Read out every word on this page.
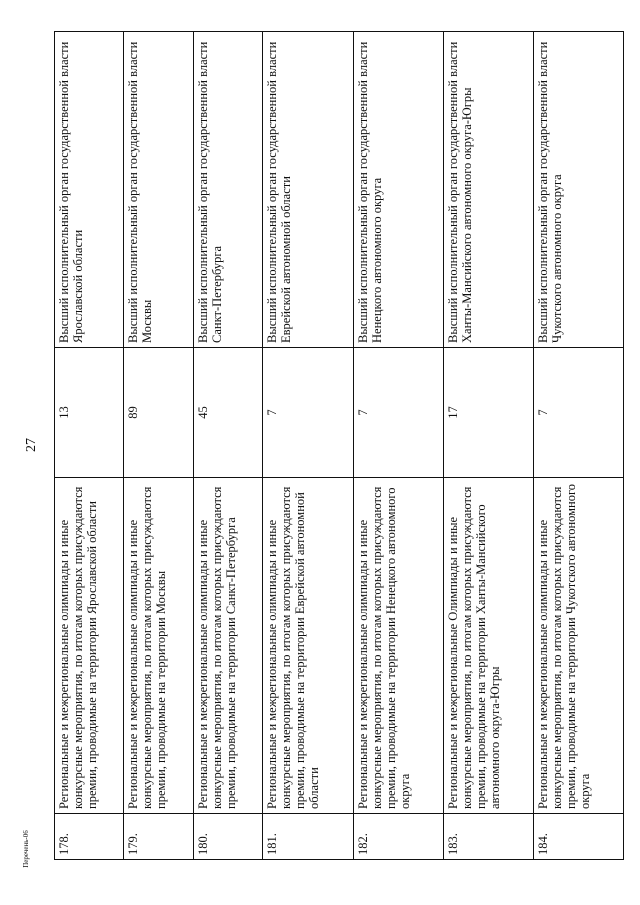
27
178.	Региональные и межрегиональные олимпиады и иные конкурсные мероприятия, по итогам которых присуждаются премии, проводимые на территории Ярославской области	13	Высший исполнительный орган государственной власти Ярославской области
179.	Региональные и межрегиональные олимпиады и иные конкурсные мероприятия, по итогам которых присуждаются премии, проводимые на территории Москвы	89	Высший исполнительный орган государственной власти Москвы
180.	Региональные и межрегиональные олимпиады и иные конкурсные мероприятия, по итогам которых присуждаются премии, проводимые на территории Санкт-Петербурга	45	Высший исполнительный орган государственной власти Санкт-Петербурга
181.	Региональные и межрегиональные олимпиады и иные конкурсные мероприятия, по итогам которых присуждаются премии, проводимые на территории Еврейской автономной области	7	Высший исполнительный орган государственной власти Еврейской автономной области
182.	Региональные и межрегиональные олимпиады и иные конкурсные мероприятия, по итогам которых присуждаются премии, проводимые на территории Ненецкого автономного округа	7	Высший исполнительный орган государственной власти Ненецкого автономного округа
183.	Региональные и межрегиональные Олимпиады и иные конкурсные мероприятия, по итогам которых присуждаются премии, проводимые на территории Ханты-Мансийского автономного округа-Югры	17	Высший исполнительный орган государственной власти Ханты-Мансийского автономного округа-Югры
184.	Региональные и межрегиональные олимпиады и иные конкурсные мероприятия, по итогам которых присуждаются премии, проводимые на территории Чукотского автономного округа	7	Высший исполнительный орган государственной власти Чукотского автономного округа
Перечень-06
